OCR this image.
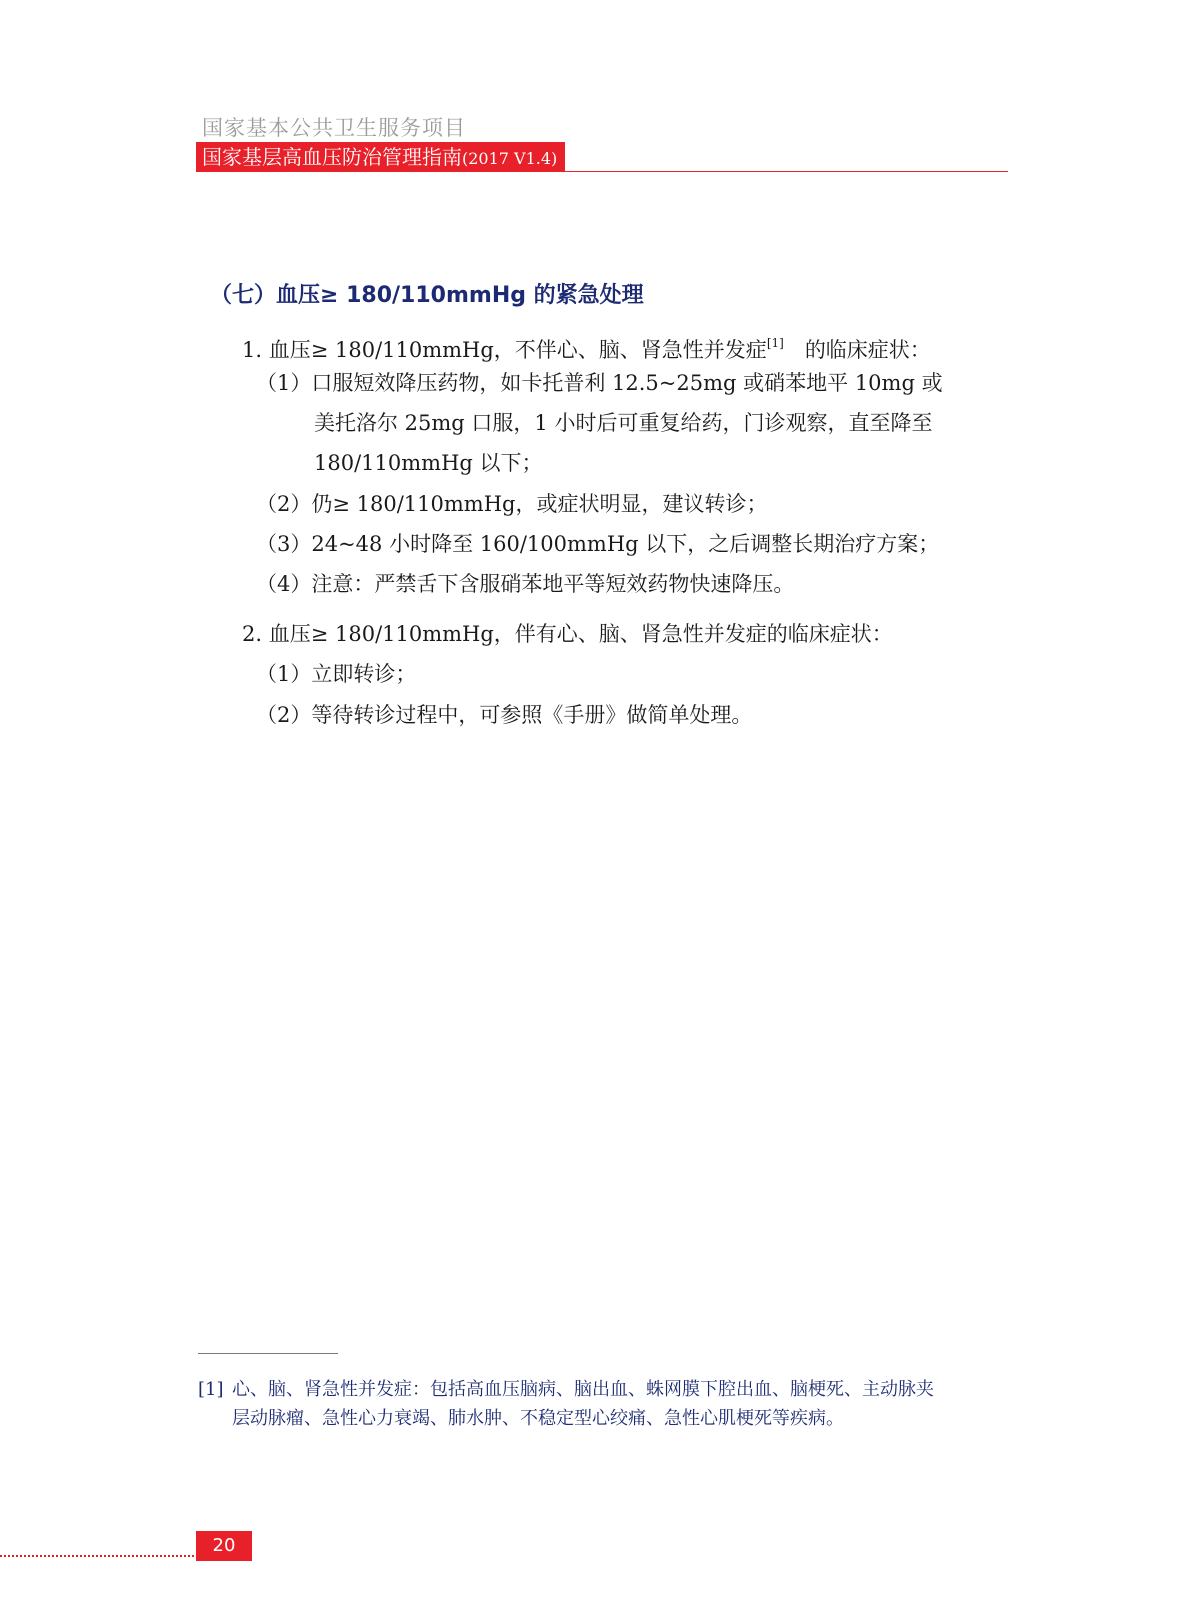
国家基本公共卫生服务项目
国家基层高血压防治管理指南(2017 V1.4)
（七）血压≥ 180/110mmHg 的紧急处理
1. 血压≥ 180/110mmHg，不伴心、脑、肾急性并发症[1]  的临床症状：
（1）口服短效降压药物，如卡托普利 12.5~25mg 或硝苯地平 10mg 或
美托洛尔 25mg 口服，1 小时后可重复给药，门诊观察，直至降至
180/110mmHg 以下；
（2）仍≥ 180/110mmHg，或症状明显，建议转诊；
（3）24~48 小时降至 160/100mmHg 以下，之后调整长期治疗方案；
（4）注意：严禁舌下含服硝苯地平等短效药物快速降压。
2. 血压≥ 180/110mmHg，伴有心、脑、肾急性并发症的临床症状：
（1）立即转诊；
（2）等待转诊过程中，可参照《手册》做简单处理。
[1] 心、脑、肾急性并发症：包括高血压脑病、脑出血、蛛网膜下腔出血、脑梗死、主动脉夹
层动脉瘤、急性心力衰竭、肺水肿、不稳定型心绞痛、急性心肌梗死等疾病。
20
